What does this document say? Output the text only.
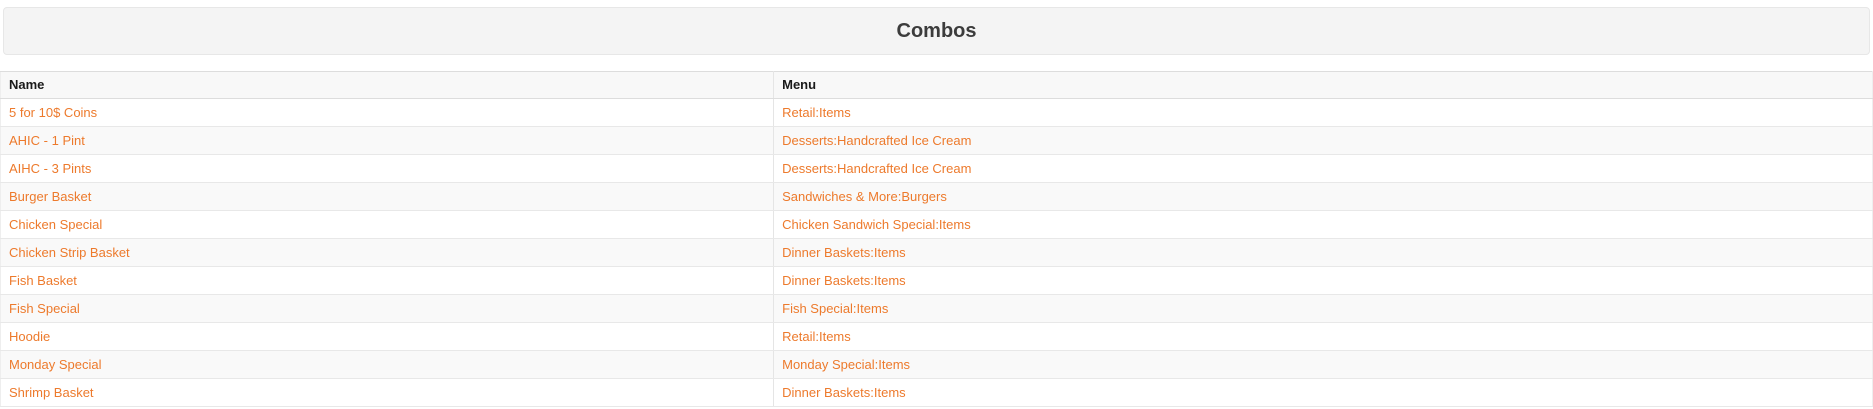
Combos
Name	Menu
5 for 10$ Coins	Retail:Items
AHIC - 1 Pint	Desserts:Handcrafted Ice Cream
AIHC - 3 Pints	Desserts:Handcrafted Ice Cream
Burger Basket	Sandwiches & More:Burgers
Chicken Special	Chicken Sandwich Special:Items
Chicken Strip Basket	Dinner Baskets:Items
Fish Basket	Dinner Baskets:Items
Fish Special	Fish Special:Items
Hoodie	Retail:Items
Monday Special	Monday Special:Items
Shrimp Basket	Dinner Baskets:Items
